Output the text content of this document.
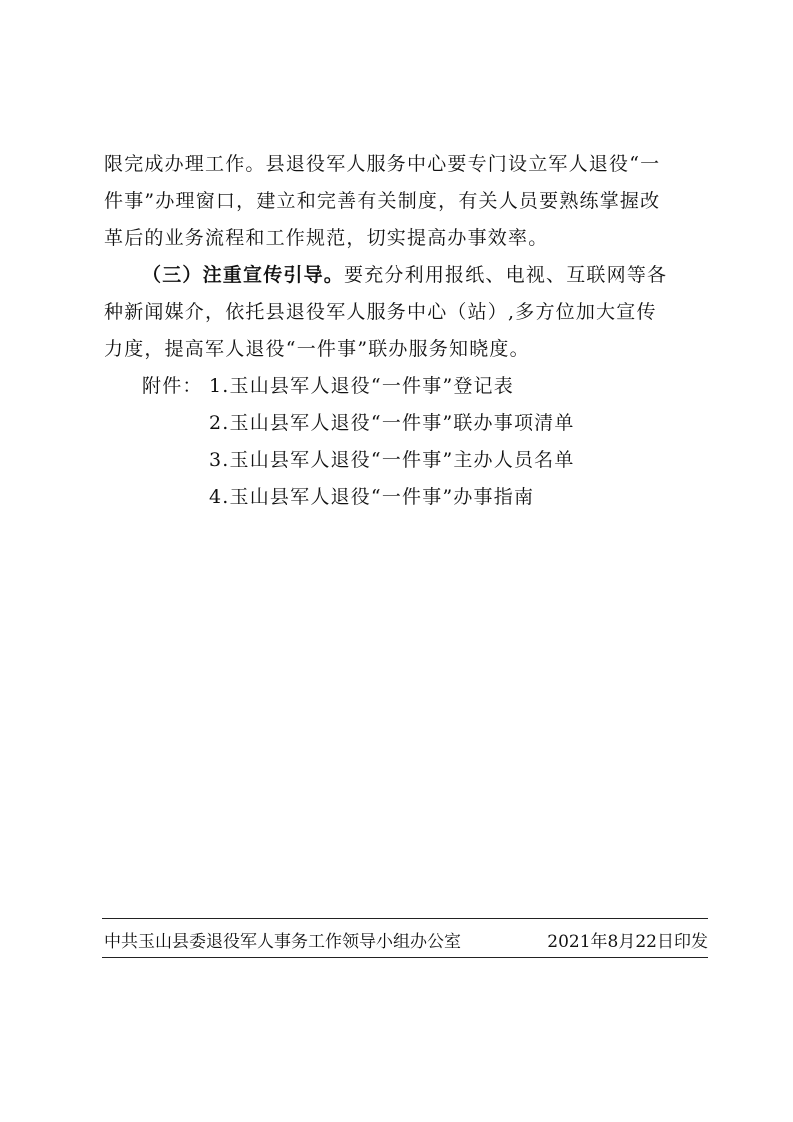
限完成办理工作。县退役军人服务中心要专门设立军人退役“一
件事”办理窗口，建立和完善有关制度，有关人员要熟练掌握改
革后的业务流程和工作规范，切实提高办事效率。
（三）注重宣传引导。要充分利用报纸、电视、互联网等各
种新闻媒介，依托县退役军人服务中心（站）,多方位加大宣传
力度，提高军人退役“一件事”联办服务知晓度。
附件： 1.玉山县军人退役“一件事”登记表
2.玉山县军人退役“一件事”联办事项清单
3.玉山县军人退役“一件事”主办人员名单
4.玉山县军人退役“一件事”办事指南
中共玉山县委退役军人事务工作领导小组办公室	2021年8月22日印发
